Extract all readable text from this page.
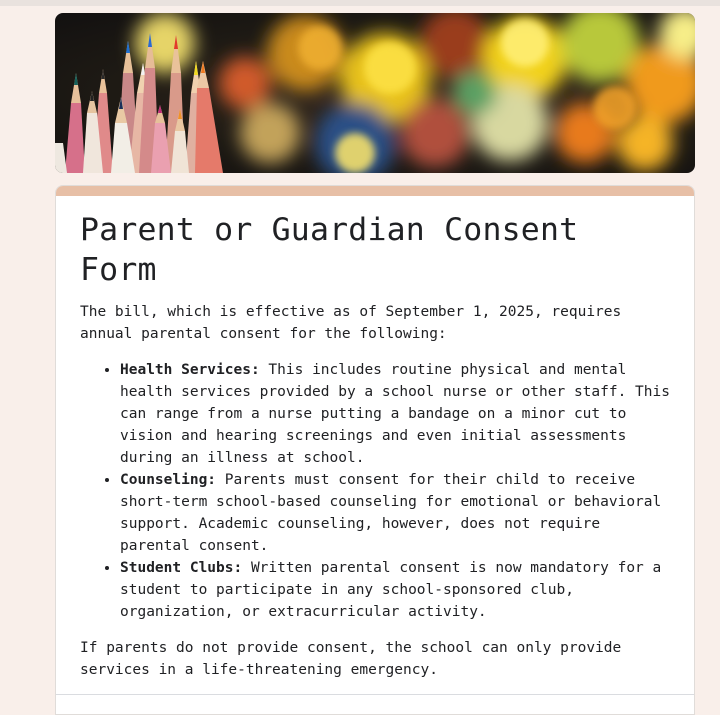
Parent or Guardian Consent Form

The bill, which is effective as of September 1, 2025, requires annual parental consent for the following:

• Health Services: This includes routine physical and mental health services provided by a school nurse or other staff. This can range from a nurse putting a bandage on a minor cut to vision and hearing screenings and even initial assessments during an illness at school.
• Counseling: Parents must consent for their child to receive short-term school-based counseling for emotional or behavioral support. Academic counseling, however, does not require parental consent.
• Student Clubs: Written parental consent is now mandatory for a student to participate in any school-sponsored club, organization, or extracurricular activity.

If parents do not provide consent, the school can only provide services in a life-threatening emergency.
